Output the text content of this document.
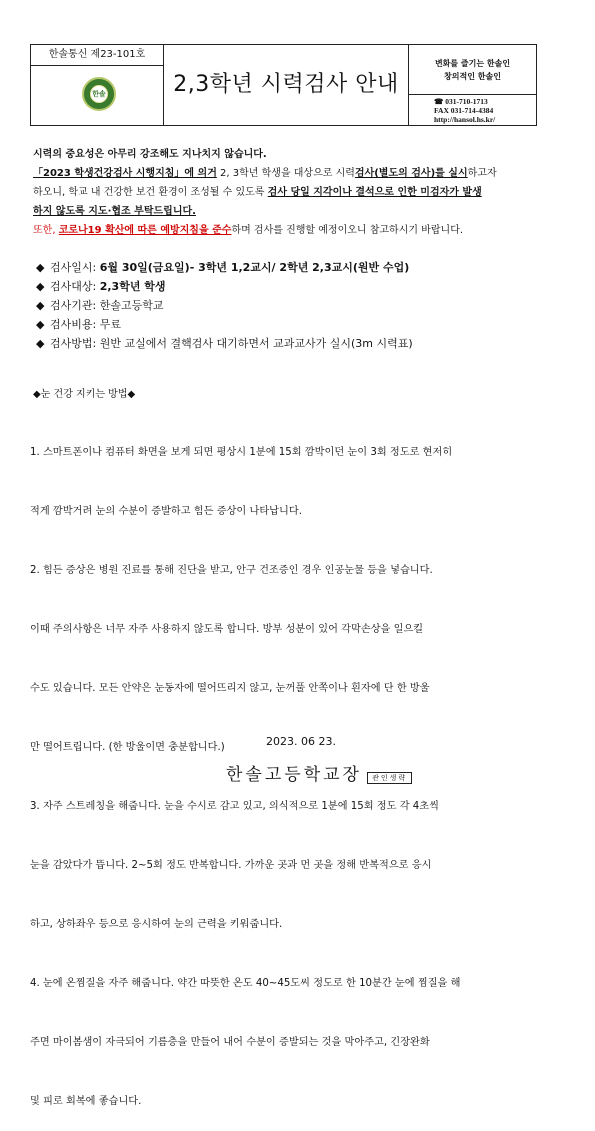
한솔통신 제23-101호
한솔	2,3학년 시력검사 안내
변화를 즐기는 한솔인
창의적인 한솔인
☎ 031-710-1713
FAX 031-714-4384
http://hansol.hs.kr/
시력의 중요성은 아무리 강조해도 지나치지 않습니다.
「2023 학생건강검사 시행지침」에 의거 2, 3학년 학생을 대상으로 시력검사(별도의 검사)를 실시하고자
하오니, 학교 내 건강한 보건 환경이 조성될 수 있도록 검사 당일 지각이나 결석으로 인한 미검자가 발생
하지 않도록 지도·협조 부탁드립니다.
또한, 코로나19 확산에 따른 예방지침을 준수하며 검사를 진행할 예정이오니 참고하시기 바랍니다.
◆ 검사일시: 6월 30일(금요일)- 3학년 1,2교시/ 2학년 2,3교시(원반 수업)
◆ 검사대상: 2,3학년 학생
◆ 검사기관: 한솔고등학교
◆ 검사비용: 무료
◆ 검사방법: 원반 교실에서 결핵검사 대기하면서 교과교사가 실시(3m 시력표)
◆눈 건강 지키는 방법◆

1. 스마트폰이나 컴퓨터 화면을 보게 되면 평상시 1분에 15회 깜박이던 눈이 3회 정도로 현저히

적게 깜박거려 눈의 수분이 증발하고 힘든 증상이 나타납니다.

2. 힘든 증상은 병원 진료를 통해 진단을 받고, 안구 건조증인 경우 인공눈물 등을 넣습니다.

이때 주의사항은 너무 자주 사용하지 않도록 합니다. 방부 성분이 있어 각막손상을 일으킬

수도 있습니다. 모든 안약은 눈동자에 떨어뜨리지 않고, 눈꺼풀 안쪽이나 흰자에 단 한 방울

만 떨어트립니다. (한 방울이면 충분합니다.)

3. 자주 스트레칭을 해줍니다. 눈을 수시로 감고 있고, 의식적으로 1분에 15회 정도 각 4초씩

눈을 감았다가 뜹니다. 2~5회 정도 반복합니다. 가까운 곳과 먼 곳을 정해 반복적으로 응시

하고, 상하좌우 등으로 응시하여 눈의 근력을 키워줍니다.

4. 눈에 온찜질을 자주 해줍니다. 약간 따뜻한 온도 40~45도씨 정도로 한 10분간 눈에 찜질을 해

주면 마이봄샘이 자극되어 기름층을 만들어 내어 수분이 증발되는 것을 막아주고, 긴장완화

및 피로 회복에 좋습니다.

2023. 06 23.
한솔고등학교장 관인생략
